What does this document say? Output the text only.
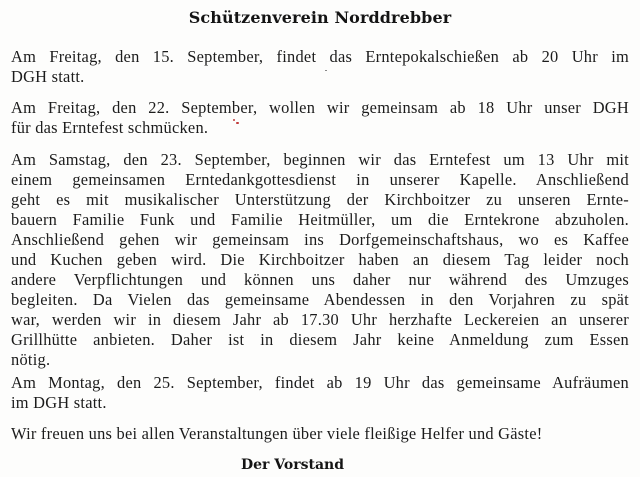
Schützenverein Norddrebber
Am Freitag, den 15. September, findet das Erntepokalschießen ab 20 Uhr im
DGH statt.
Am Freitag, den 22. September, wollen wir gemeinsam ab 18 Uhr unser DGH
für das Erntefest schmücken.
Am Samstag, den 23. September, beginnen wir das Erntefest um 13 Uhr mit
einem gemeinsamen Erntedankgottesdienst in unserer Kapelle. Anschließend
geht es mit musikalischer Unterstützung der Kirchboitzer zu unseren Ernte-
bauern Familie Funk und Familie Heitmüller, um die Erntekrone abzuholen.
Anschließend gehen wir gemeinsam ins Dorfgemeinschaftshaus, wo es Kaffee
und Kuchen geben wird. Die Kirchboitzer haben an diesem Tag leider noch
andere Verpflichtungen und können uns daher nur während des Umzuges
begleiten. Da Vielen das gemeinsame Abendessen in den Vorjahren zu spät
war, werden wir in diesem Jahr ab 17.30 Uhr herzhafte Leckereien an unserer
Grillhütte anbieten. Daher ist in diesem Jahr keine Anmeldung zum Essen
nötig.
Am Montag, den 25. September, findet ab 19 Uhr das gemeinsame Aufräumen
im DGH statt.
Wir freuen uns bei allen Veranstaltungen über viele fleißige Helfer und Gäste!
Der Vorstand
